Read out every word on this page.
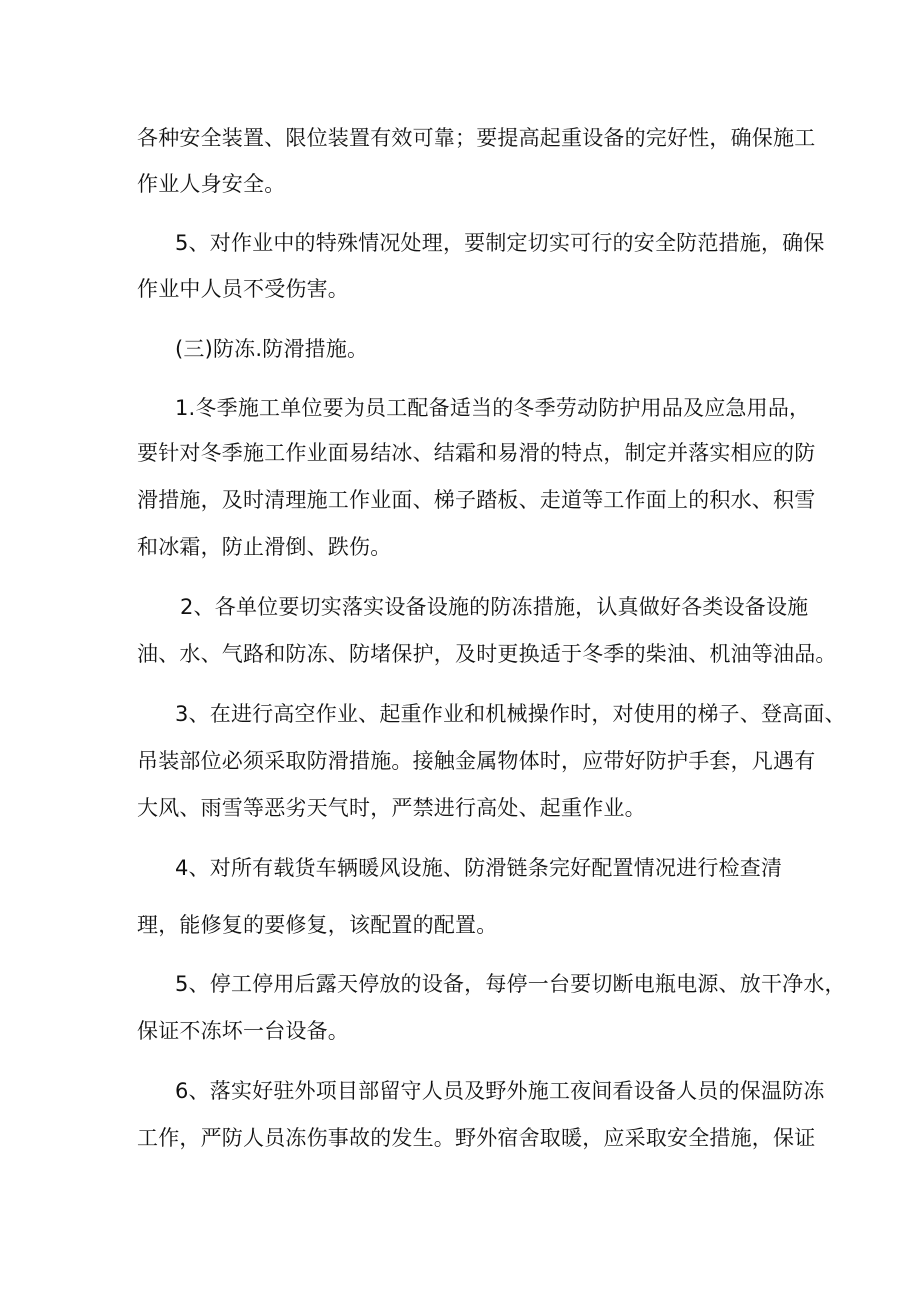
各种安全装置、限位装置有效可靠；要提高起重设备的完好性，确保施工
作业人身安全。
5、对作业中的特殊情况处理，要制定切实可行的安全防范措施，确保
作业中人员不受伤害。
(三)防冻.防滑措施。
1.冬季施工单位要为员工配备适当的冬季劳动防护用品及应急用品，
要针对冬季施工作业面易结冰、结霜和易滑的特点，制定并落实相应的防
滑措施，及时清理施工作业面、梯子踏板、走道等工作面上的积水、积雪
和冰霜，防止滑倒、跌伤。
2、各单位要切实落实设备设施的防冻措施，认真做好各类设备设施
油、水、气路和防冻、防堵保护，及时更换适于冬季的柴油、机油等油品。
3、在进行高空作业、起重作业和机械操作时，对使用的梯子、登高面、
吊装部位必须采取防滑措施。接触金属物体时，应带好防护手套，凡遇有
大风、雨雪等恶劣天气时，严禁进行高处、起重作业。
4、对所有载货车辆暖风设施、防滑链条完好配置情况进行检查清
理，能修复的要修复，该配置的配置。
5、停工停用后露天停放的设备，每停一台要切断电瓶电源、放干净水，
保证不冻坏一台设备。
6、落实好驻外项目部留守人员及野外施工夜间看设备人员的保温防冻
工作，严防人员冻伤事故的发生。野外宿舍取暖，应采取安全措施，保证
